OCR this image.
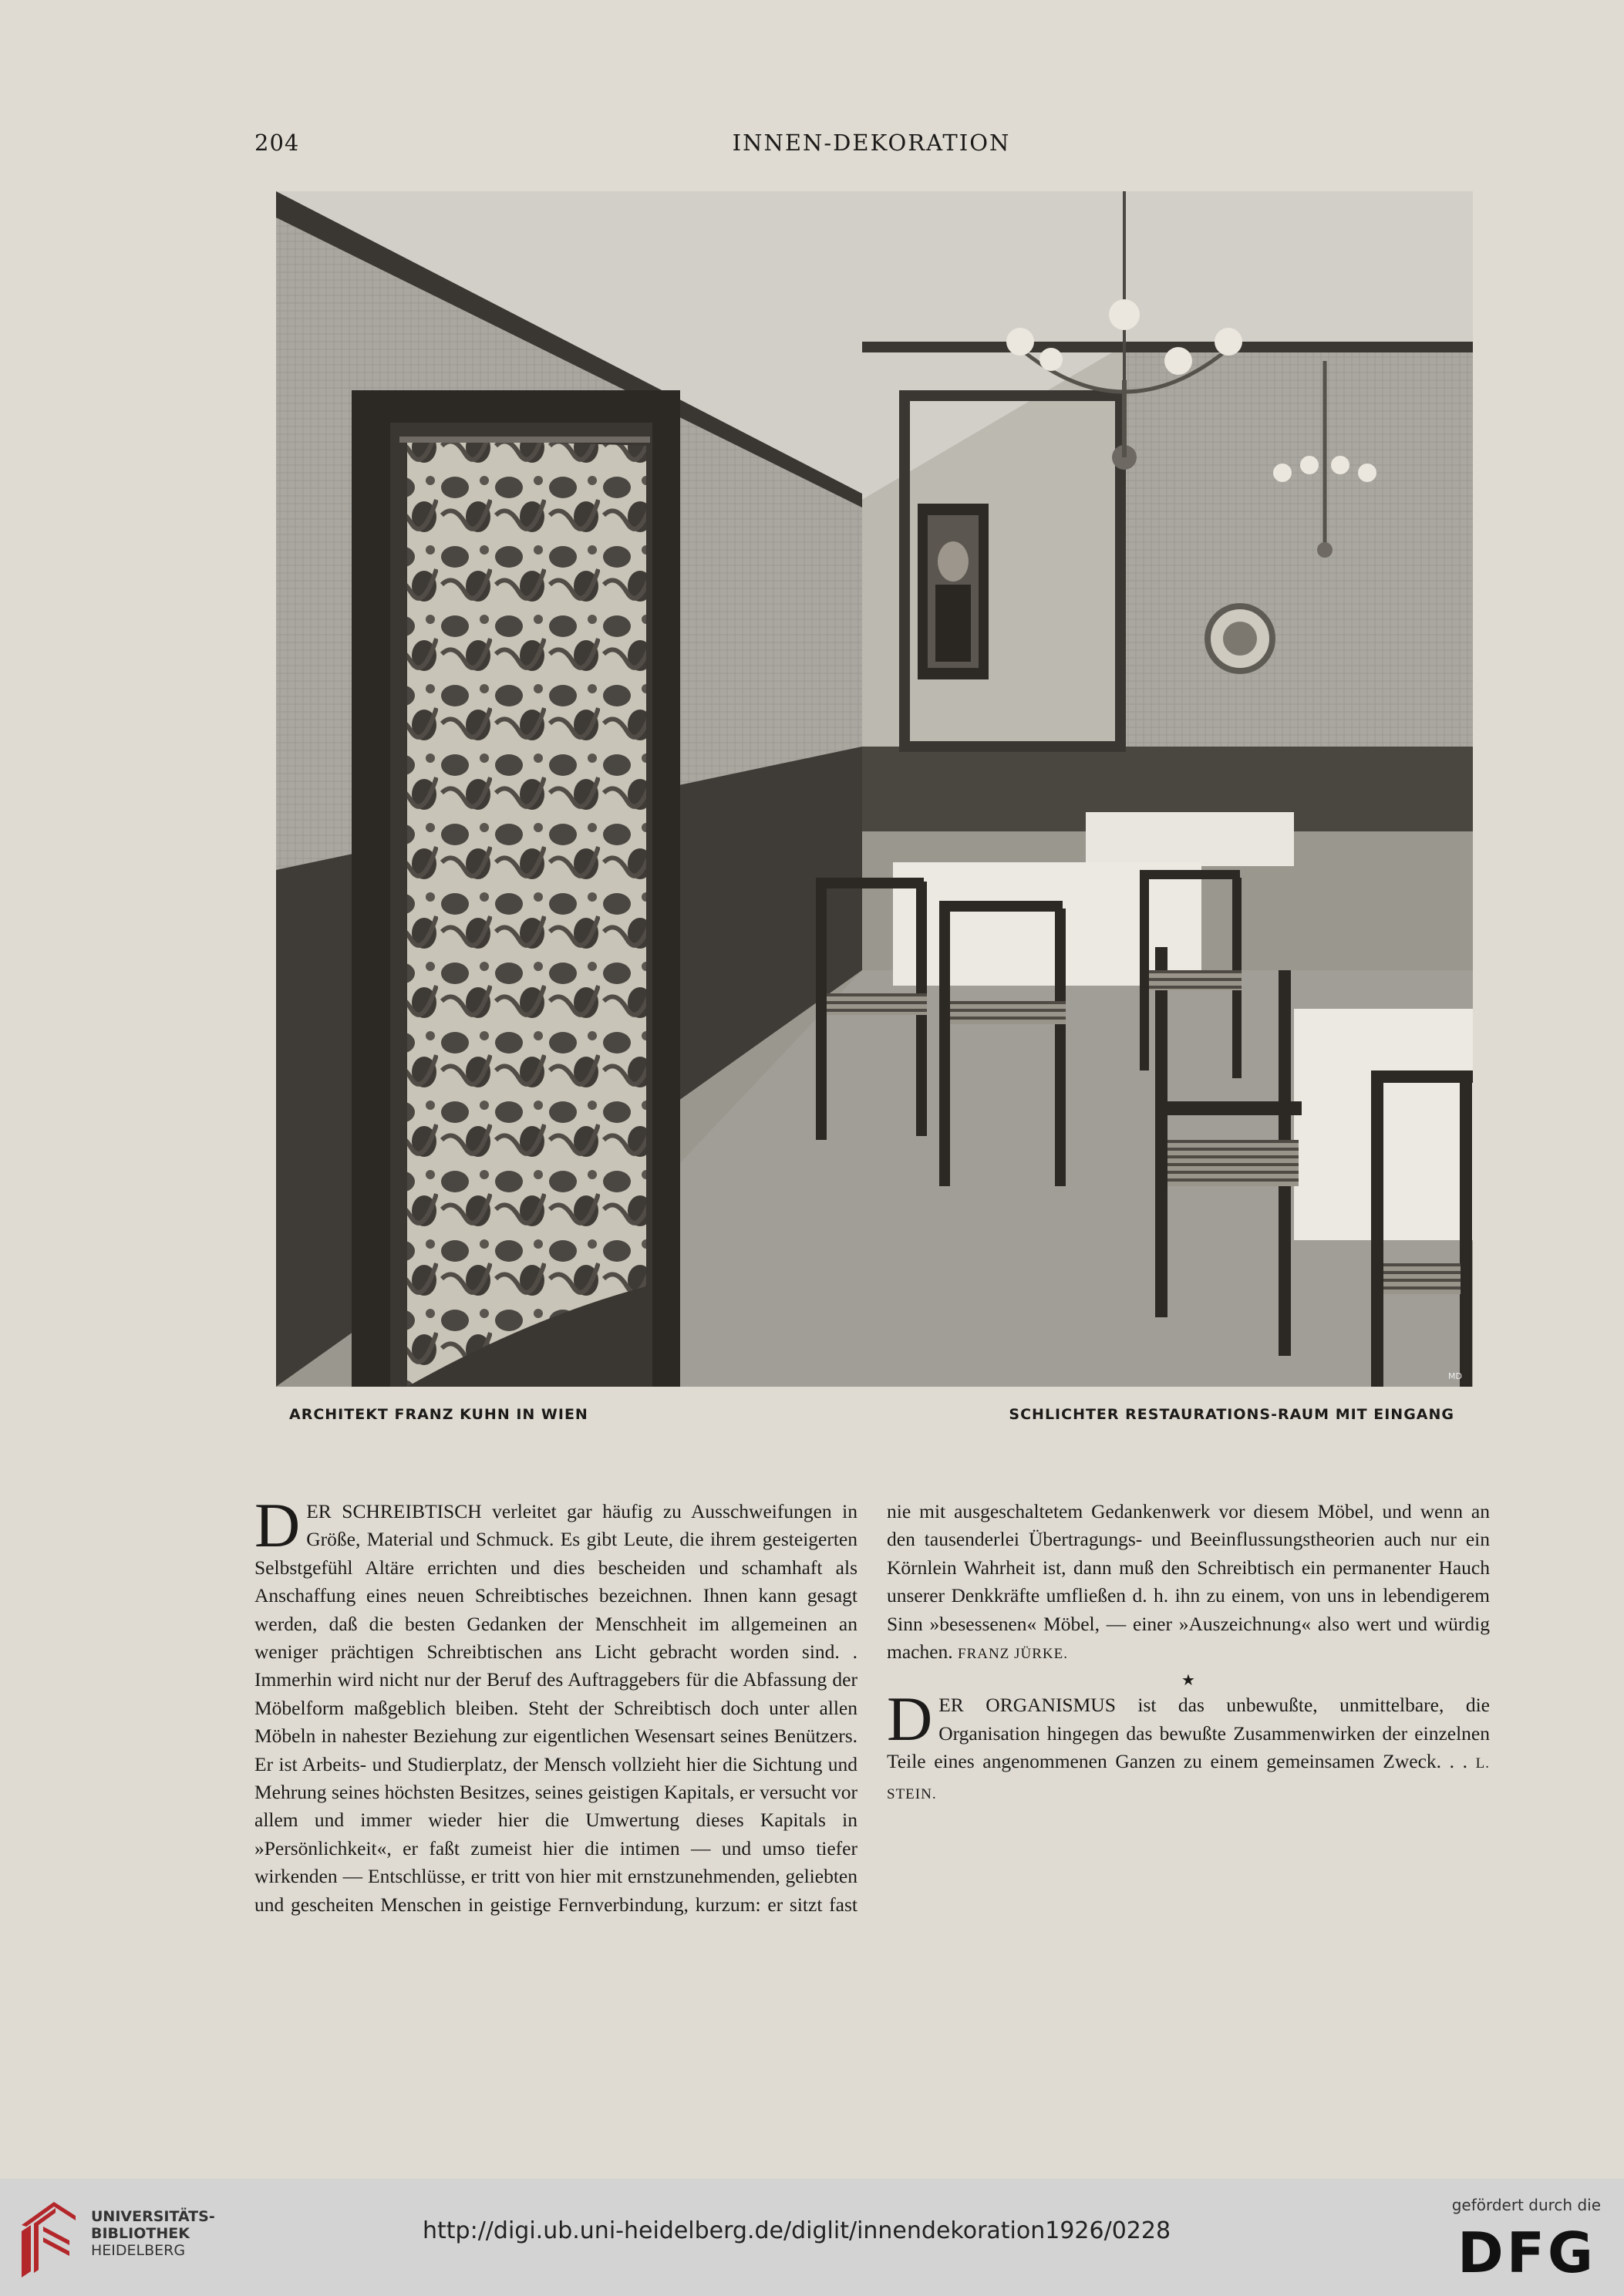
204	INNEN-DEKORATION
MD
ARCHITEKT FRANZ KUHN IN WIEN	SCHLICHTER RESTAURATIONS-RAUM MIT EINGANG

DER SCHREIBTISCH verleitet gar häufig zu Ausschweifungen in Größe, Material und Schmuck. Es gibt Leute, die ihrem gesteigerten Selbstgefühl Altäre errichten und dies bescheiden und schamhaft als Anschaffung eines neuen Schreibtisches bezeichnen. Ihnen kann gesagt werden, daß die besten Gedanken der Menschheit im allgemeinen an weniger prächtigen Schreibtischen ans Licht gebracht worden sind. . Immerhin wird nicht nur der Beruf des Auftraggebers für die Abfassung der Möbelform maßgeblich bleiben. Steht der Schreibtisch doch unter allen Möbeln in nahester Beziehung zur eigentlichen Wesensart seines Benützers. Er ist Arbeits- und Studierplatz, der Mensch vollzieht hier die Sichtung und Mehrung seines höchsten Besitzes, seines geistigen Kapitals, er versucht vor allem und immer wieder hier die Umwertung dieses Kapitals in »Persönlichkeit«, er faßt zumeist hier die intimen — und umso tiefer wirkenden — Entschlüsse, er tritt von hier mit ernstzunehmenden, geliebten und gescheiten Menschen in geistige Fernverbindung, kurzum: er sitzt fast nie mit ausgeschaltetem Gedankenwerk vor diesem Möbel, und wenn an den tausenderlei Übertragungs- und Beeinflussungstheorien auch nur ein Körnlein Wahrheit ist, dann muß den Schreibtisch ein permanenter Hauch unserer Denkkräfte umfließen d. h. ihn zu einem, von uns in lebendigerem Sinn »besessenen« Möbel, — einer »Auszeichnung« also wert und würdig machen. FRANZ JÜRKE.

★

DER ORGANISMUS ist das unbewußte, unmittelbare, die Organisation hingegen das bewußte Zusammenwirken der einzelnen Teile eines angenommenen Ganzen zu einem gemeinsamen Zweck. . . L. STEIN.

UNIVERSITÄTS-
BIBLIOTHEK
HEIDELBERG
http://digi.ub.uni-heidelberg.de/diglit/innendekoration1926/0228
gefördert durch die
DFG
